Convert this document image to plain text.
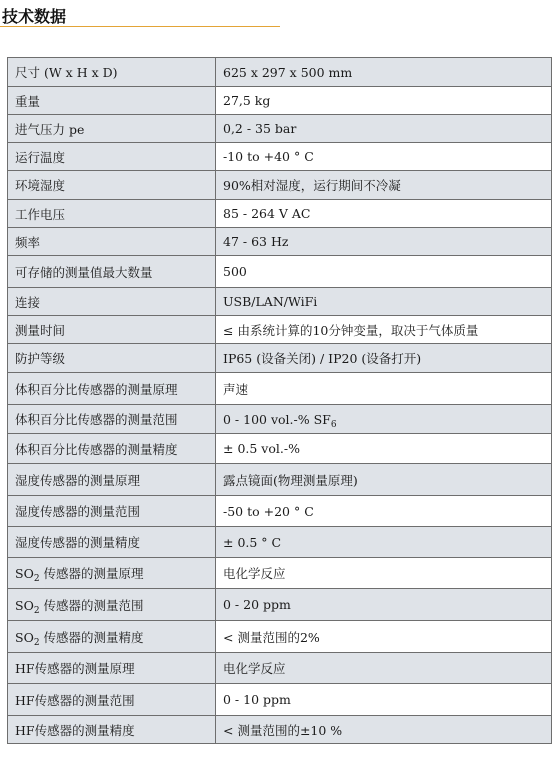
技术数据
尺寸 (W x H x D)	625 x 297 x 500 mm
重量	27,5 kg
进气压力 pe	0,2 - 35 bar
运行温度	-10 to +40 ° C
环境湿度	90%相对湿度，运行期间不冷凝
工作电压	85 - 264 V AC
频率	47 - 63 Hz
可存储的测量值最大数量	500
连接	USB/LAN/WiFi
测量时间	≤ 由系统计算的10分钟变量，取决于气体质量
防护等级	IP65 (设备关闭) / IP20 (设备打开)
体积百分比传感器的测量原理	声速
体积百分比传感器的测量范围	0 - 100 vol.-% $SF_6$
体积百分比传感器的测量精度	± 0.5 vol.-%
湿度传感器的测量原理	露点镜面(物理测量原理)
湿度传感器的测量范围	-50 to +20 ° C
湿度传感器的测量精度	± 0.5 ° C
$SO_2$ 传感器的测量原理	电化学反应
$SO_2$ 传感器的测量范围	0 - 20 ppm
$SO_2$ 传感器的测量精度	< 测量范围的2%
HF传感器的测量原理	电化学反应
HF传感器的测量范围	0 - 10 ppm
HF传感器的测量精度	< 测量范围的±10 %
